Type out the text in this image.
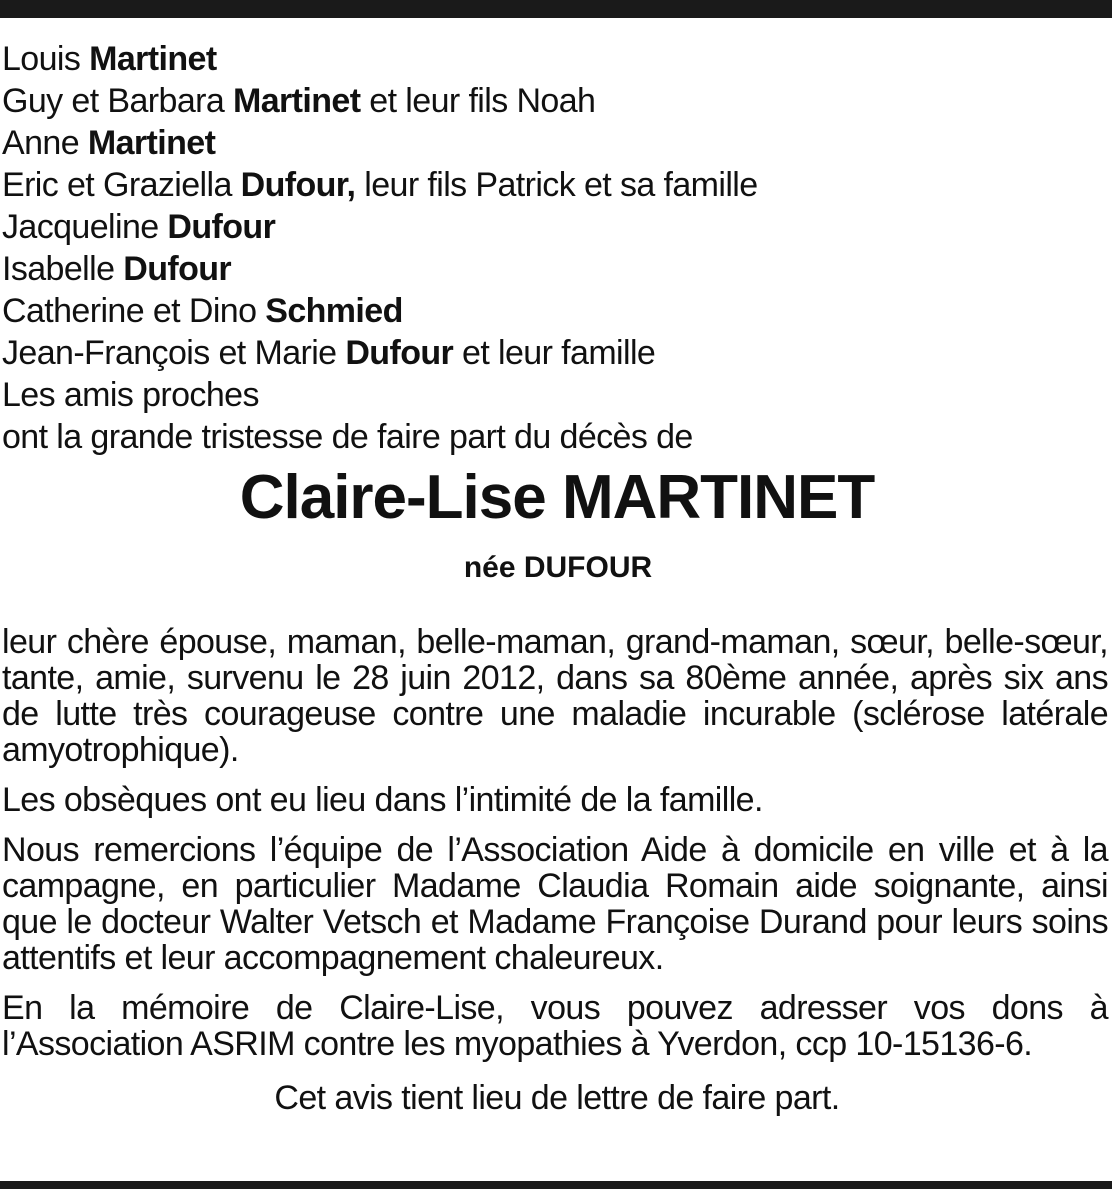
Louis Martinet
Guy et Barbara Martinet et leur fils Noah
Anne Martinet
Eric et Graziella Dufour, leur fils Patrick et sa famille
Jacqueline Dufour
Isabelle Dufour
Catherine et Dino Schmied
Jean-François et Marie Dufour et leur famille
Les amis proches
ont la grande tristesse de faire part du décès de
Claire-Lise MARTINET
née DUFOUR
leur chère épouse, maman, belle-maman, grand-maman, sœur, belle-sœur, tante, amie, survenu le 28 juin 2012, dans sa 80ème année, après six ans de lutte très courageuse contre une maladie incurable (sclérose latérale amyotrophique).
Les obsèques ont eu lieu dans l’intimité de la famille.
Nous remercions l’équipe de l’Association Aide à domicile en ville et à la campagne, en particulier Madame Claudia Romain aide soignante, ainsi que le docteur Walter Vetsch et Madame Françoise Durand pour leurs soins attentifs et leur accompagnement chaleureux.
En la mémoire de Claire-Lise, vous pouvez adresser vos dons à l’Association ASRIM contre les myopathies à Yverdon, ccp 10-15136-6.
Cet avis tient lieu de lettre de faire part.
